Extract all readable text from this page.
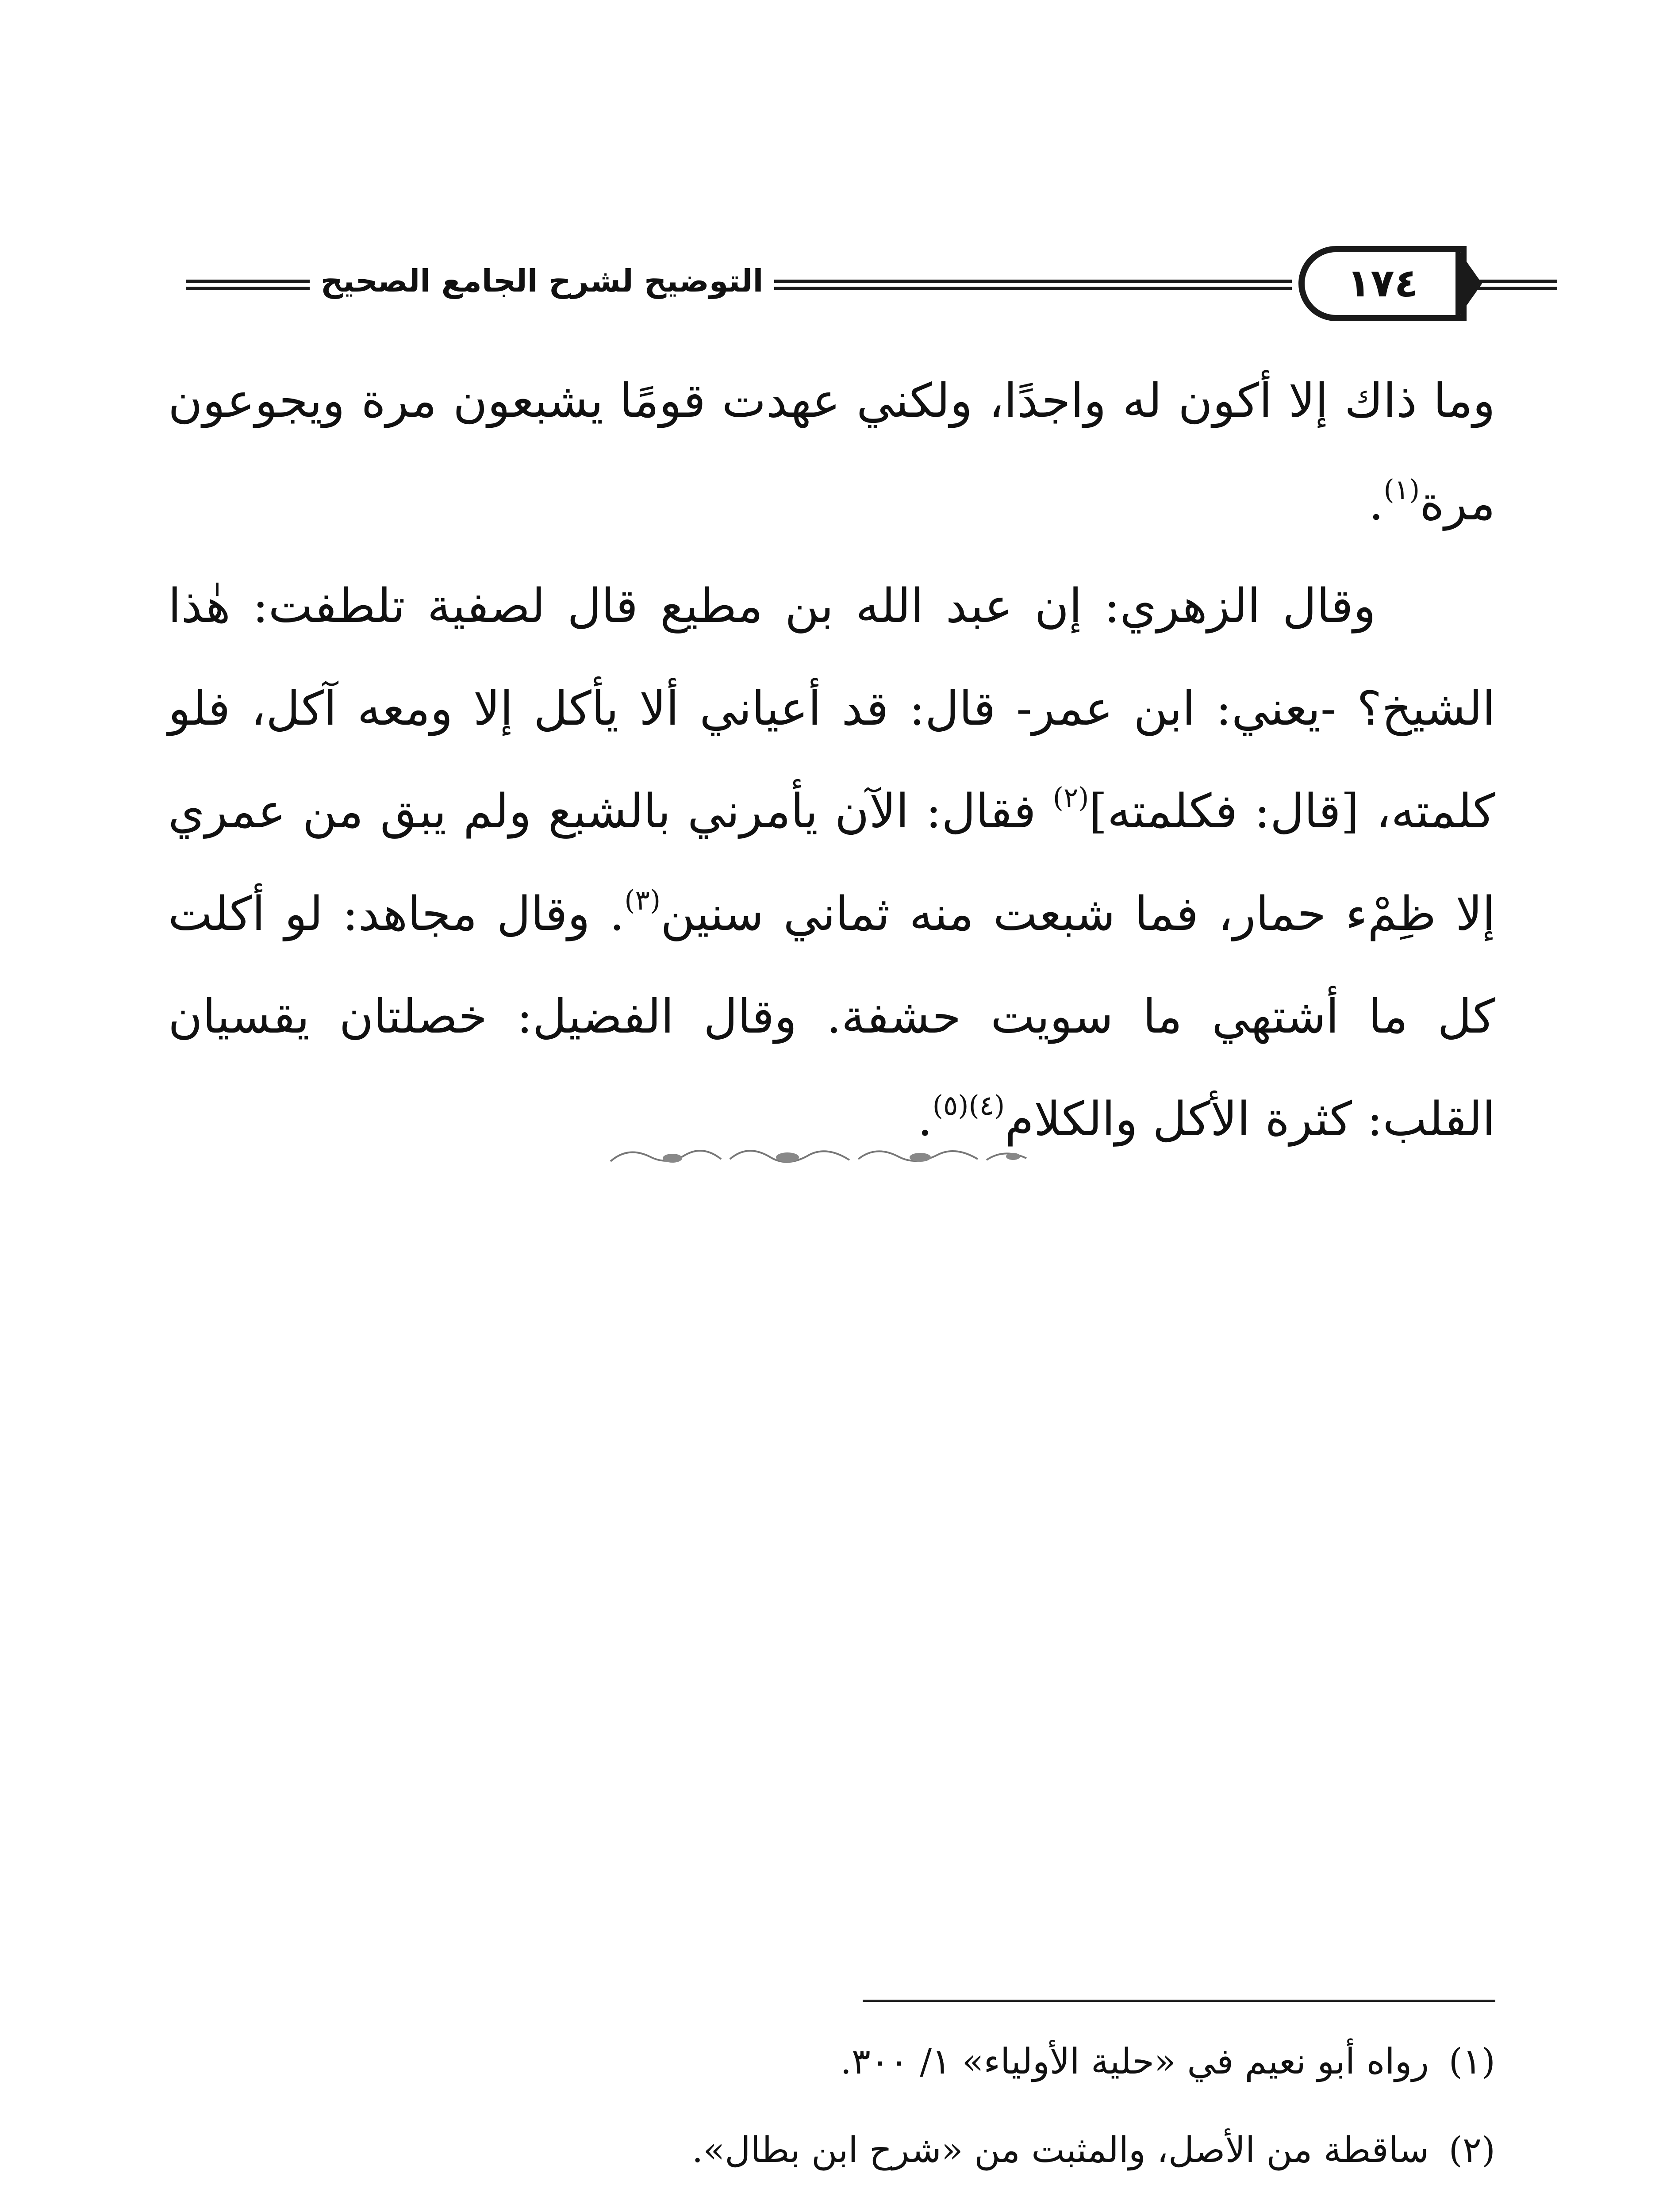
التوضيح لشرح الجامع الصحيح	١٧٤

وما ذاك إلا أكون له واجدًا، ولكني عهدت قومًا يشبعون مرة ويجوعون مرة$^{(١)}$.

وقال الزهري: إن عبد الله بن مطيع قال لصفية تلطفت: هٰذا الشيخ؟ -يعني: ابن عمر- قال: قد أعياني ألا يأكل إلا ومعه آكل، فلو كلمته، [قال: فكلمته]$^{(٢)}$ فقال: الآن يأمرني بالشبع ولم يبق من عمري إلا ظِمْء حمار، فما شبعت منه ثماني سنين$^{(٣)}$. وقال مجاهد: لو أكلت كل ما أشتهي ما سويت حشفة. وقال الفضيل: خصلتان يقسيان القلب: كثرة الأكل والكلام$^{(٤)(٥)}$.

(١)
رواه أبو نعيم في «حلية الأولياء» ١/ ٣٠٠.
(٢)
ساقطة من الأصل، والمثبت من «شرح ابن بطال».
